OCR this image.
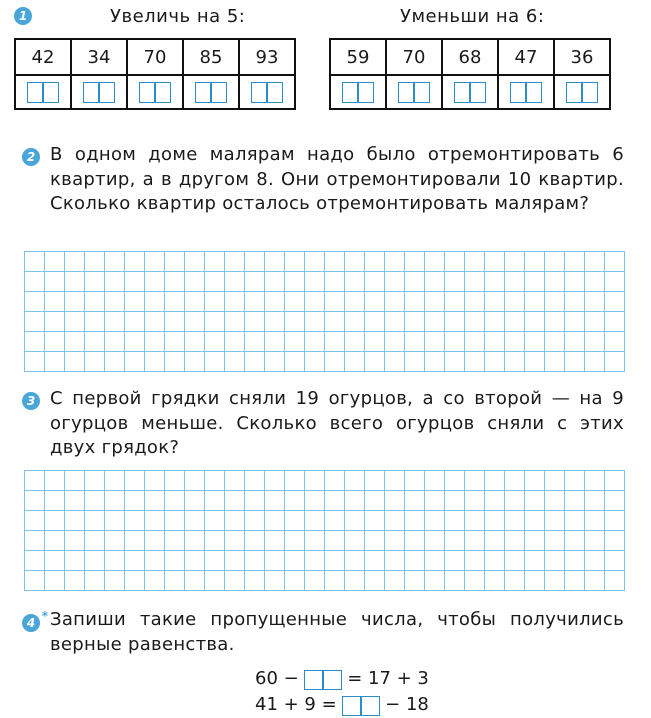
1	Увеличь на 5:	Уменьши на 6:
42	34	70	85	93
					59	70	68	47	36

2 В одном доме малярам надо было отремонтировать 6 квартир, а в другом 8. Они отремонтировали 10 квартир. Сколько квартир осталось отремонтировать малярам?
3 С первой грядки сняли 19 огурцов, а со второй — на 9 огурцов меньше. Сколько всего огурцов сняли с этих двух грядок?
4 * Запиши такие пропущенные числа, чтобы получились верные равенства.
60 −	= 17 + 3
41 + 9 =	− 18
